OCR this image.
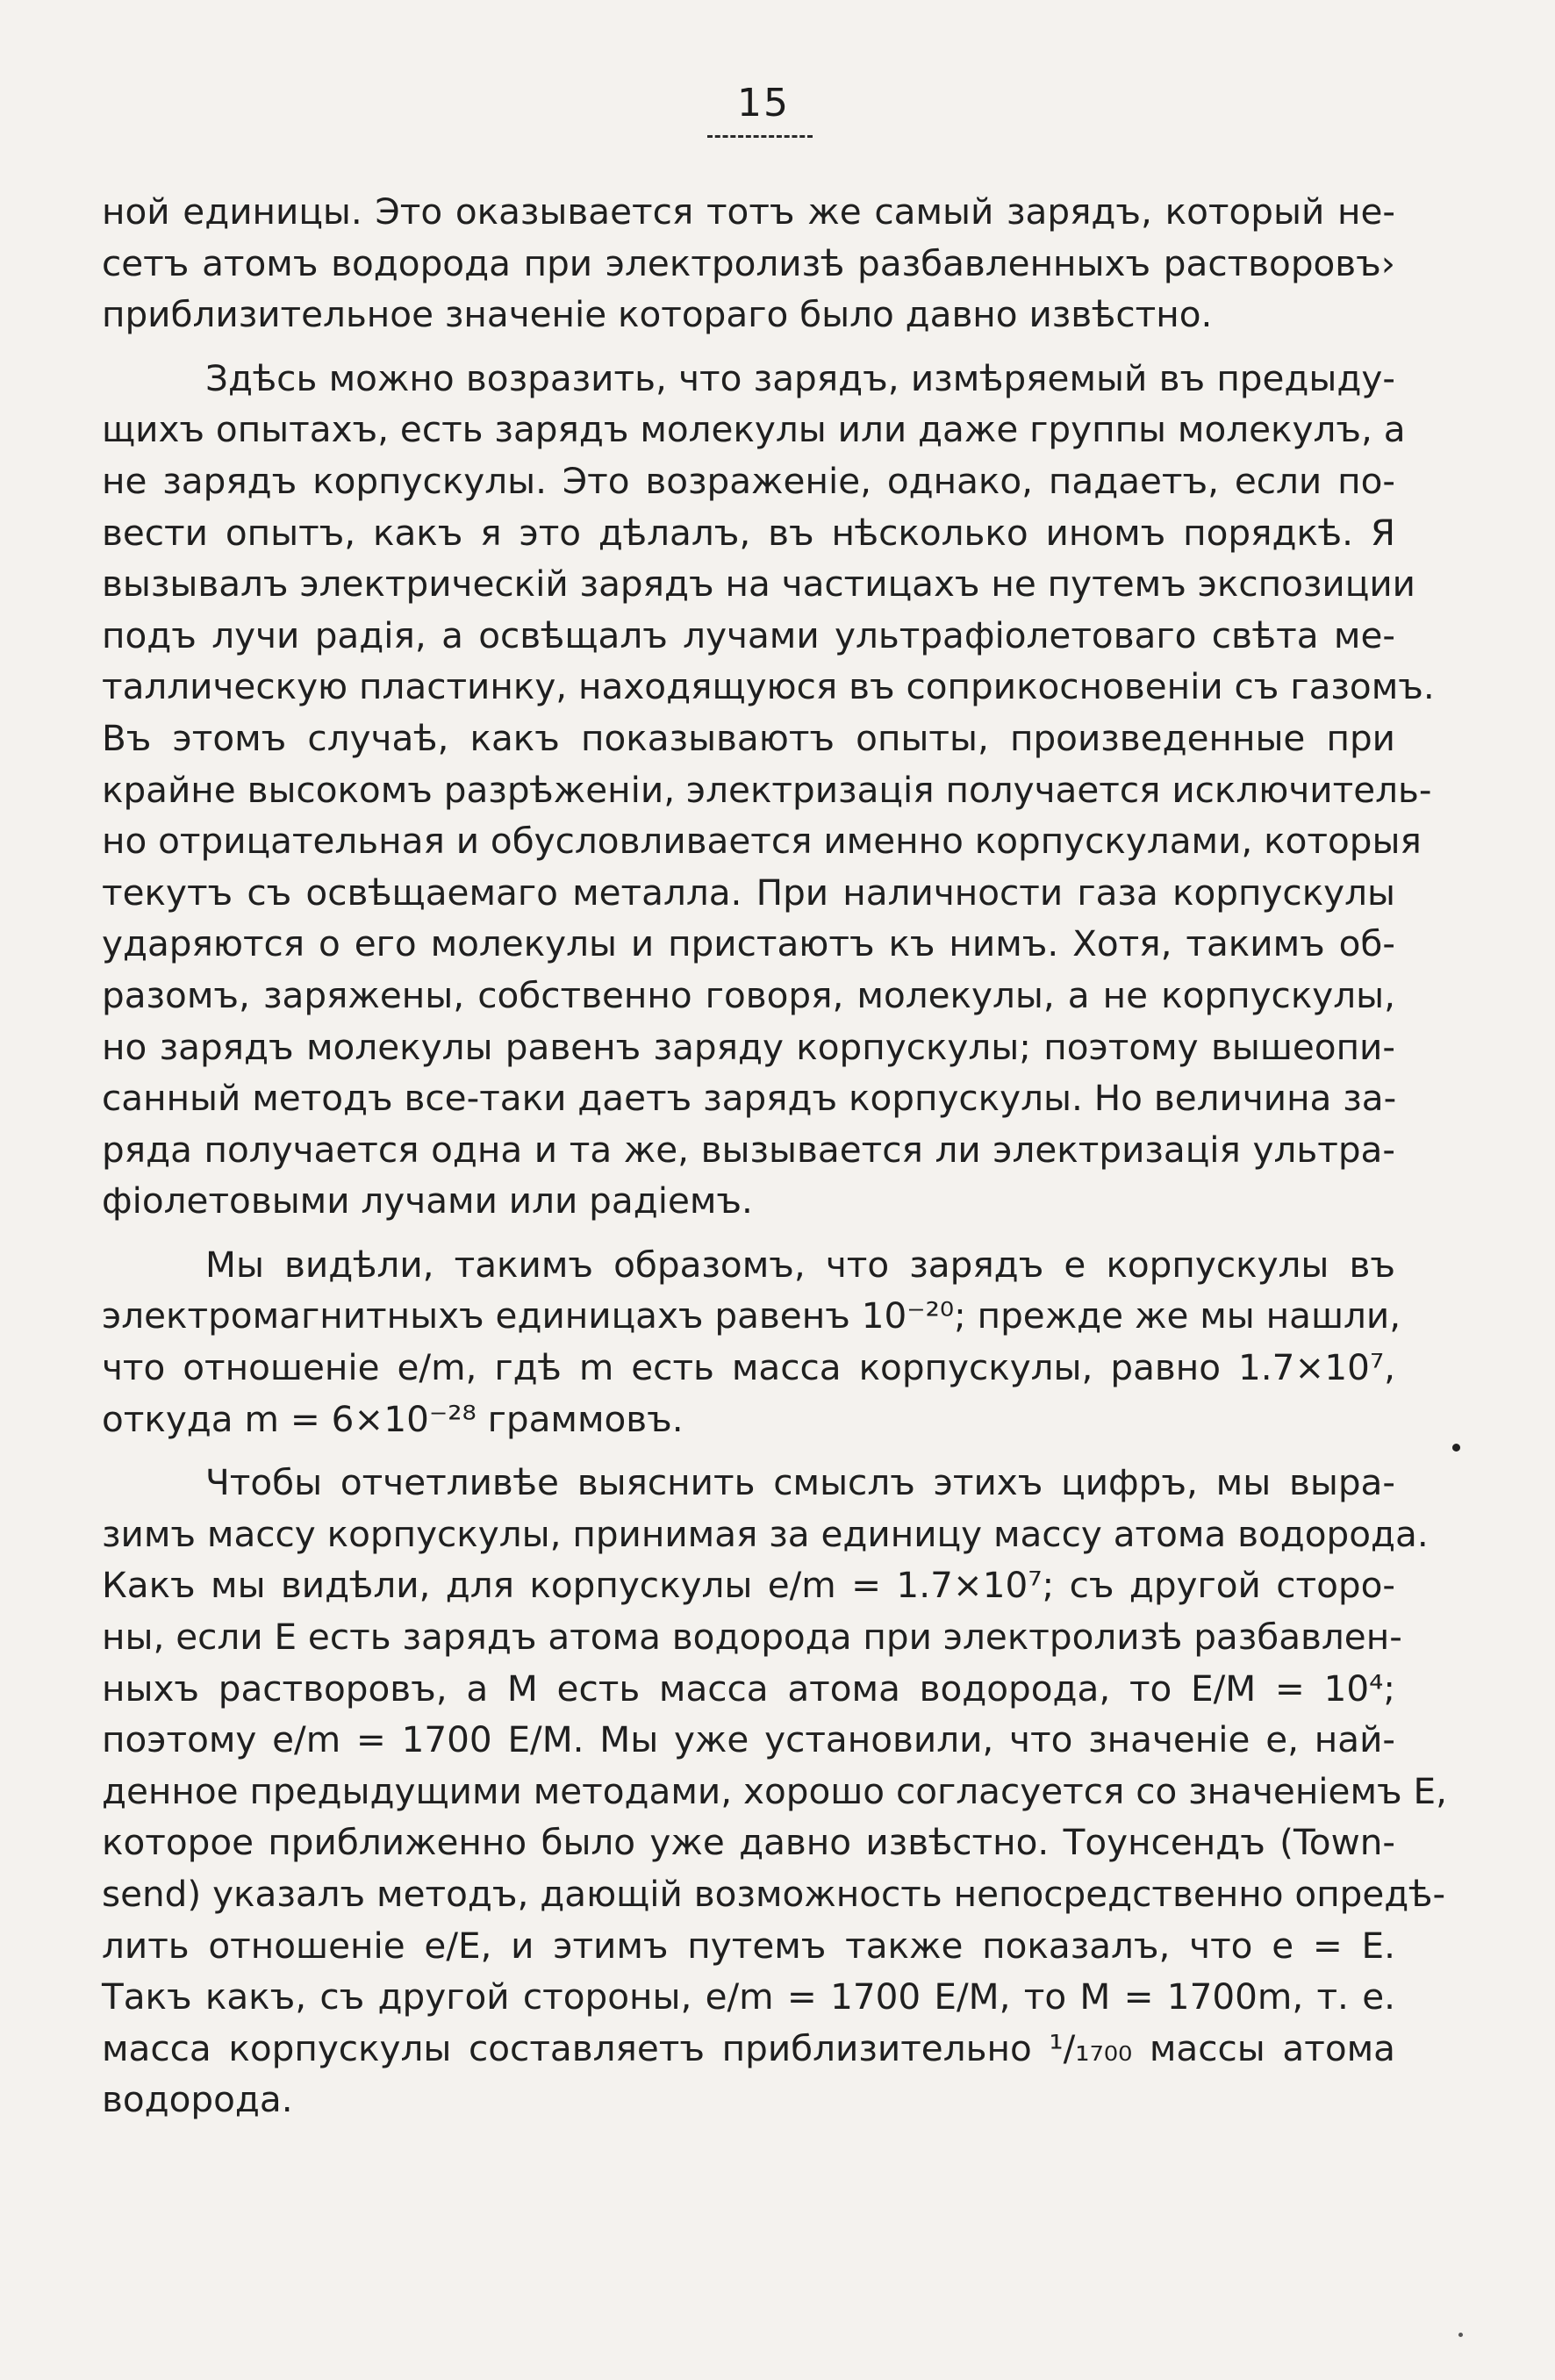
15
ной единицы. Это оказывается тотъ же самый зарядъ, который не-
сетъ атомъ водорода при электролизѣ разбавленныхъ растворовъ›
приблизительное значенiе котораго было давно извѣстно.
Здѣсь можно возразить, что зарядъ, измѣряемый въ предыду-
щихъ опытахъ, есть зарядъ молекулы или даже группы молекулъ, а
не зарядъ корпускулы. Это возраженiе, однако, падаетъ, если по-
вести опытъ, какъ я это дѣлалъ, въ нѣсколько иномъ порядкѣ. Я
вызывалъ электрическiй зарядъ на частицахъ не путемъ экспозиции
подъ лучи радiя, а освѣщалъ лучами ультрафiолетоваго свѣта ме-
таллическую пластинку, находящуюся въ соприкосновенiи съ газомъ.
Въ этомъ случаѣ, какъ показываютъ опыты, произведенные при
крайне высокомъ разрѣженiи, электризацiя получается исключитель-
но отрицательная и обусловливается именно корпускулами, которыя
текутъ съ освѣщаемаго металла. При наличности газа корпускулы
ударяются о его молекулы и пристаютъ къ нимъ. Хотя, такимъ об-
разомъ, заряжены, собственно говоря, молекулы, а не корпускулы,
но зарядъ молекулы равенъ заряду корпускулы; поэтому вышеопи-
санный методъ все-таки даетъ зарядъ корпускулы. Но величина за-
ряда получается одна и та же, вызывается ли электризацiя ультра-
фiолетовыми лучами или радiемъ.
Мы видѣли, такимъ образомъ, что зарядъ e корпускулы въ
электромагнитныхъ единицахъ равенъ 10⁻²⁰; прежде же мы нашли,
что отношенiе e/m, гдѣ m есть масса корпускулы, равно 1.7×10⁷,
откуда m = 6×10⁻²⁸ граммовъ.
Чтобы отчетливѣе выяснить смыслъ этихъ цифръ, мы выра-
зимъ массу корпускулы, принимая за единицу массу атома водорода.
Какъ мы видѣли, для корпускулы e/m = 1.7×10⁷; съ другой сторо-
ны, если E есть зарядъ атома водорода при электролизѣ разбавлен-
ныхъ растворовъ, а M есть масса атома водорода, то E/M = 10⁴;
поэтому e/m = 1700 E/M. Мы уже установили, что значенiе e, най-
денное предыдущими методами, хорошо согласуется со значенiемъ E,
которое приближенно было уже давно извѣстно. Тоунсендъ (Town-
send) указалъ методъ, дающiй возможность непосредственно опредѣ-
лить отношенiе e/E, и этимъ путемъ также показалъ, что e = E.
Такъ какъ, съ другой стороны, e/m = 1700 E/M, то M = 1700m, т. е.
масса корпускулы составляетъ приблизительно ¹/₁₇₀₀ массы атома
водорода.
